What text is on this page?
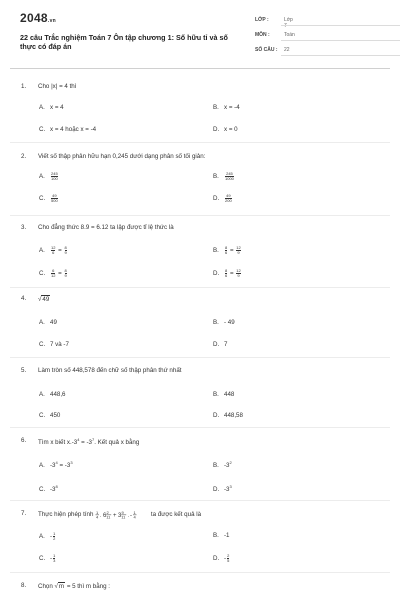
2048.vn
22 câu Trắc nghiệm Toán 7 Ôn tập chương 1: Số hữu tỉ và số thực có đáp án
LỚP :	Lớp 7
MÔN :	Toán
SỐ CÂU :	22
1. Cho |x| = 4 thì
A. x = 4	B. x = -4
C. x = 4 hoặc x = -4	D. x = 0
2. Viết số thập phân hữu hạn 0,245 dưới dạng phân số tối giản:
A. $\frac{245}{100}$	B. $\frac{245}{1000}$
C. $\frac{49}{500}$	D. $\frac{49}{200}$
3. Cho đẳng thức 8.9 = 6.12 ta lập được tỉ lệ thức là
A. $\frac{12}{6} = \frac{8}{9}$	B. $\frac{8}{6} = \frac{12}{9}$
C. $\frac{6}{12} = \frac{8}{9}$	D. $\frac{8}{6} = \frac{12}{9}$
4. √49
A. 49	B. - 49
C. 7 và -7	D. 7
5. Làm tròn số 448,578 đến chữ số thập phân thứ nhất
A. 448,6	B. 448
C. 450	D. 448,58
6. Tìm x biết $x.-3^4 = -3^7$. Kết quả x bằng
A. $-3^4 = -3^3$	B. $-3^2$
C. $-3^8$	D. $-3^3$
7. Thực hiện phép tính 1
4 . 6
2
11 + 3
9
11 . -
1
4 ta được kết quả là
A. - $\frac{1}{2}$	B. -1
C. - $\frac{1}{3}$	D. - $\frac{2}{5}$
8. Chọn √m = 5 thì m bằng :
